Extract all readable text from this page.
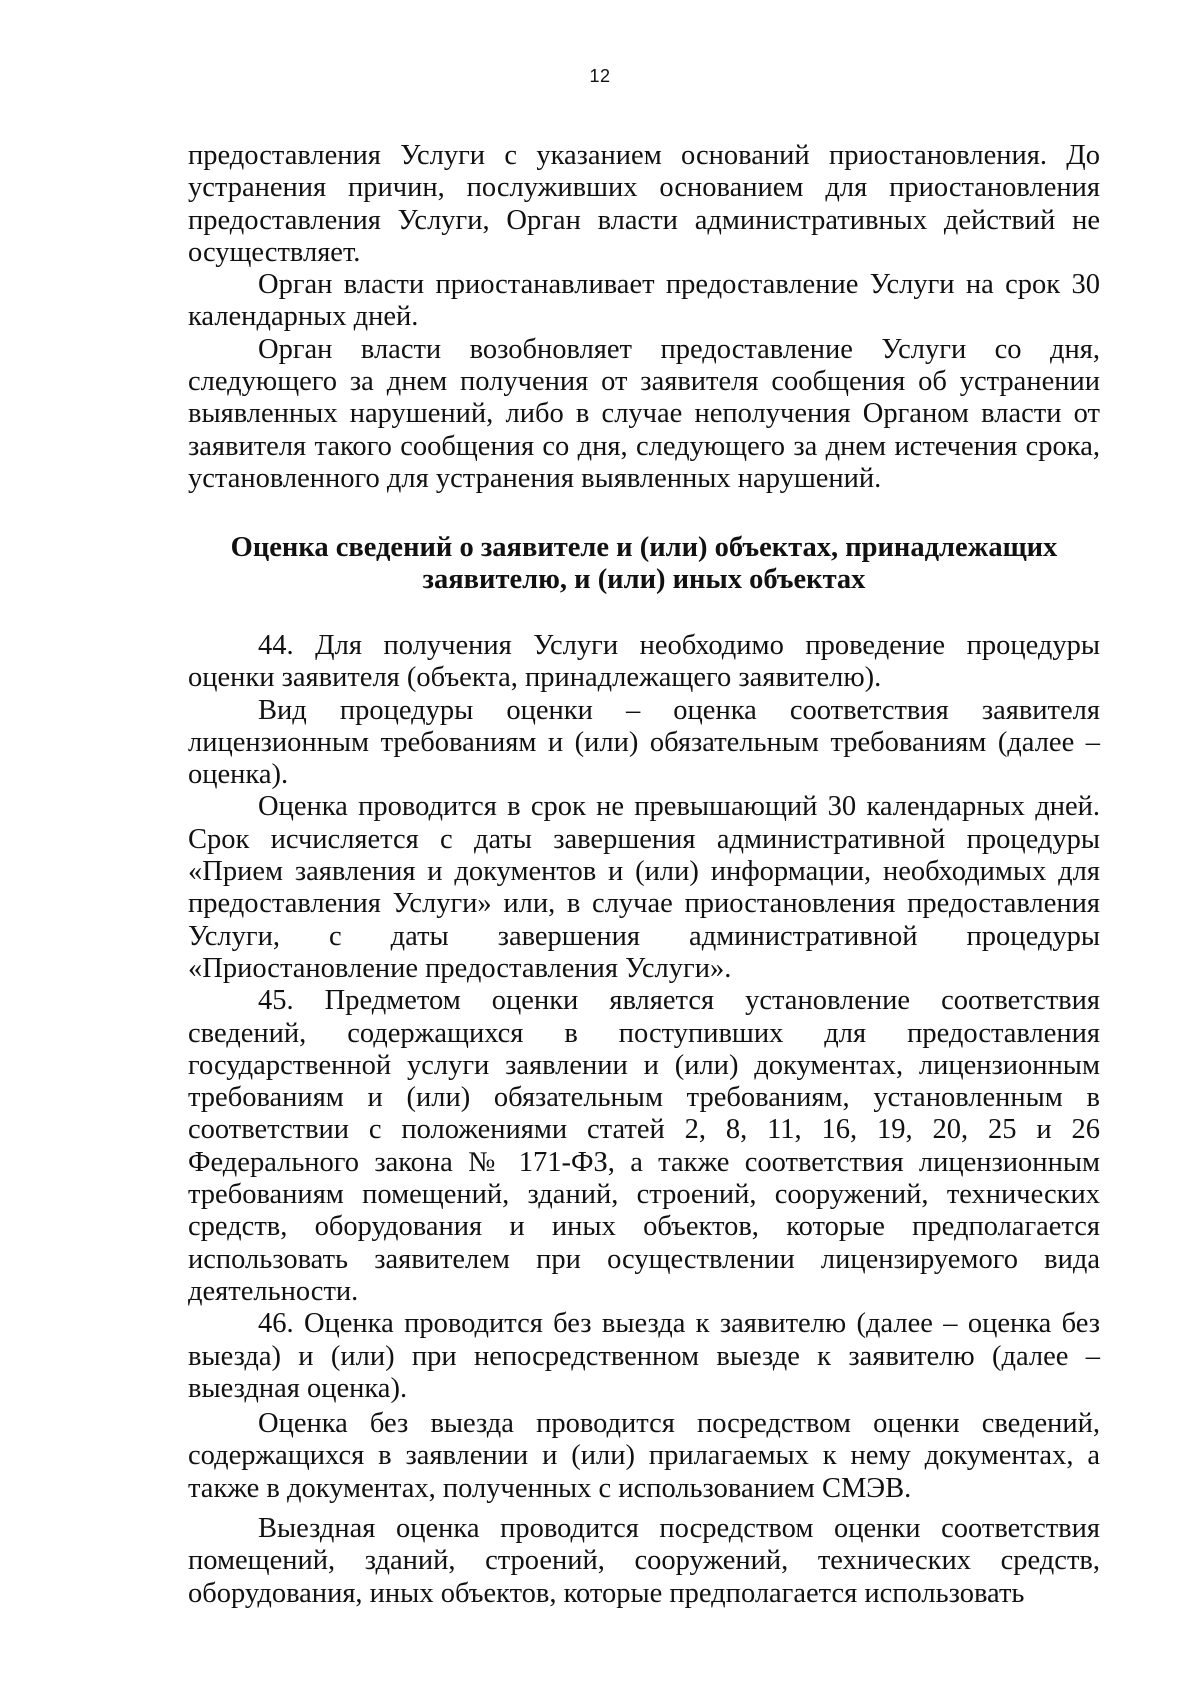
12

предоставления Услуги с указанием оснований приостановления. До устранения причин, послуживших основанием для приостановления предоставления Услуги, Орган власти административных действий не осуществляет.

Орган власти приостанавливает предоставление Услуги на срок 30 календарных дней.

Орган власти возобновляет предоставление Услуги со дня, следующего за днем получения от заявителя сообщения об устранении выявленных нарушений, либо в случае неполучения Органом власти от заявителя такого сообщения со дня, следующего за днем истечения срока, установленного для устранения выявленных нарушений.

Оценка сведений о заявителе и (или) объектах, принадлежащих
заявителю, и (или) иных объектах

44. Для получения Услуги необходимо проведение процедуры оценки заявителя (объекта, принадлежащего заявителю).

Вид процедуры оценки – оценка соответствия заявителя лицензионным требованиям и (или) обязательным требованиям (далее – оценка).

Оценка проводится в срок не превышающий 30 календарных дней. Срок исчисляется с даты завершения административной процедуры «Прием заявления и документов и (или) информации, необходимых для предоставления Услуги» или, в случае приостановления предоставления Услуги, с даты завершения административной процедуры «Приостановление предоставления Услуги».

45. Предметом оценки является установление соответствия сведений, содержащихся в поступивших для предоставления государственной услуги заявлении и (или) документах, лицензионным требованиям и (или) обязательным требованиям, установленным в соответствии с положениями статей 2, 8, 11, 16, 19, 20, 25 и 26 Федерального закона № 171-ФЗ, а также соответствия лицензионным требованиям помещений, зданий, строений, сооружений, технических средств, оборудования и иных объектов, которые предполагается использовать заявителем при осуществлении лицензируемого вида деятельности.

46. Оценка проводится без выезда к заявителю (далее – оценка без выезда) и (или) при непосредственном выезде к заявителю (далее – выездная оценка).

Оценка без выезда проводится посредством оценки сведений, содержащихся в заявлении и (или) прилагаемых к нему документах, а также в документах, полученных с использованием СМЭВ.

Выездная оценка проводится посредством оценки соответствия помещений, зданий, строений, сооружений, технических средств, оборудования, иных объектов, которые предполагается использовать
